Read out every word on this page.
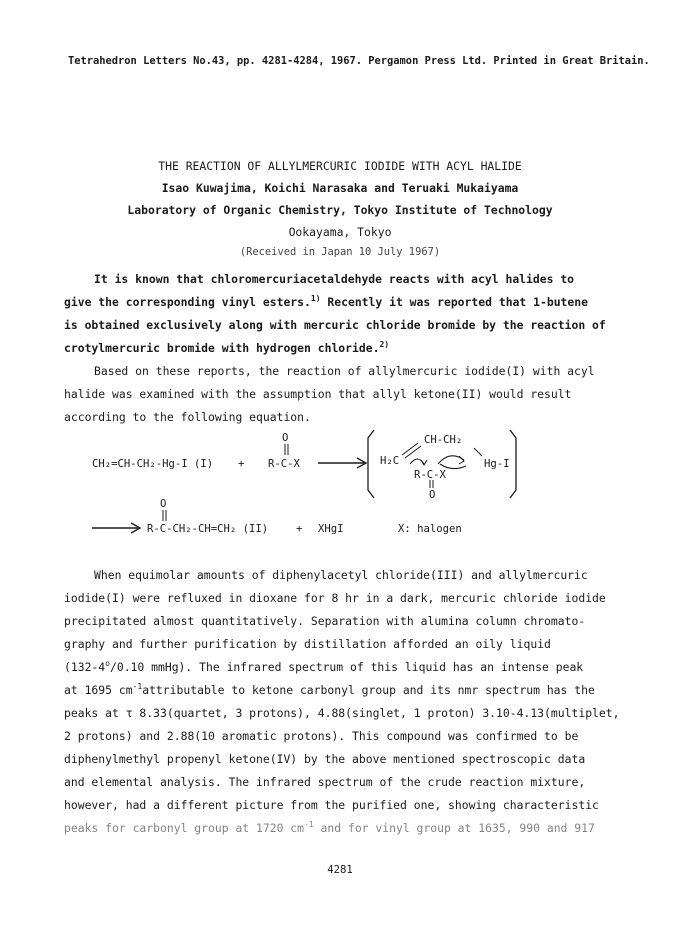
Tetrahedron Letters No.43, pp. 4281-4284, 1967. Pergamon Press Ltd. Printed in Great Britain.
THE REACTION OF ALLYLMERCURIC IODIDE WITH ACYL HALIDE
Isao Kuwajima, Koichi Narasaka and Teruaki Mukaiyama
Laboratory of Organic Chemistry, Tokyo Institute of Technology
Ookayama, Tokyo
(Received in Japan 10 July 1967)
It is known that chloromercuriacetaldehyde reacts with acyl halides to
give the corresponding vinyl esters.$^{1)}$ Recently it was reported that 1-butene
is obtained exclusively along with mercuric chloride bromide by the reaction of
crotylmercuric bromide with hydrogen chloride.$^{2)}$
Based on these reports, the reaction of allylmercuric iodide(I) with acyl
halide was examined with the assumption that allyl ketone(II) would result
according to the following equation.
CH₂=CH-CH₂-Hg-I (I) +
O
R-C-X →
CH-CH₂
H₂C	Hg-I
R-C-X
O
O
R-C-CH₂-CH=CH₂ (II)	+ XHgI	X: halogen
When equimolar amounts of diphenylacetyl chloride(III) and allylmercuric
iodide(I) were refluxed in dioxane for 8 hr in a dark, mercuric chloride iodide
precipitated almost quantitatively. Separation with alumina column chromato-
graphy and further purification by distillation afforded an oily liquid
(132-4$^o$/0.10 mmHg). The infrared spectrum of this liquid has an intense peak
at 1695 $cm^{-1}attributable$ to ketone carbonyl group and its nmr spectrum has the
peaks at τ 8.33(quartet, 3 protons), 4.88(singlet, 1 proton) 3.10-4.13(multiplet,
2 protons) and 2.88(10 aromatic protons). This compound was confirmed to be
diphenylmethyl propenyl ketone(IV) by the above mentioned spectroscopic data
and elemental analysis. The infrared spectrum of the crude reaction mixture,
however, had a different picture from the purified one, showing characteristic
peaks for carbonyl group at 1720 $cm^{-1}$ and for vinyl group at 1635, 990 and 917
4281
